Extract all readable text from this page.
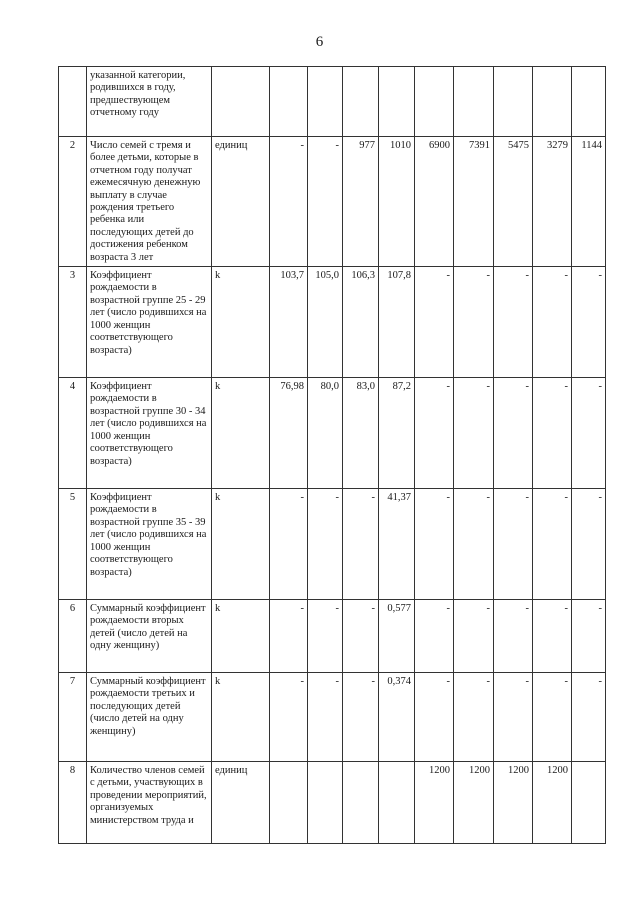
6
	указанной категории, родившихся в году, предшествующем отчетному году										
2	Число семей с тремя и более детьми, которые в отчетном году получат ежемесячную денежную выплату в случае рождения третьего ребенка или последующих детей до достижения ребенком возраста 3 лет	единиц	-	-	977	1010	6900	7391	5475	3279	1144
3	Коэффициент рождаемости в возрастной группе 25 - 29 лет (число родившихся на 1000 женщин соответствующего возраста)	k	103,7	105,0	106,3	107,8	-	-	-	-	-
4	Коэффициент рождаемости в возрастной группе 30 - 34 лет (число родившихся на 1000 женщин соответствующего возраста)	k	76,98	80,0	83,0	87,2	-	-	-	-	-
5	Коэффициент рождаемости в возрастной группе 35 - 39 лет (число родившихся на 1000 женщин соответствующего возраста)	k	-	-	-	41,37	-	-	-	-	-
6	Суммарный коэффициент рождаемости вторых детей (число детей на одну женщину)	k	-	-	-	0,577	-	-	-	-	-
7	Суммарный коэффициент рождаемости третьих и последующих детей (число детей на одну женщину)	k	-	-	-	0,374	-	-	-	-	-
8	Количество членов семей с детьми, участвующих в проведении мероприятий, организуемых министерством труда и	единиц					1200	1200	1200	1200	
